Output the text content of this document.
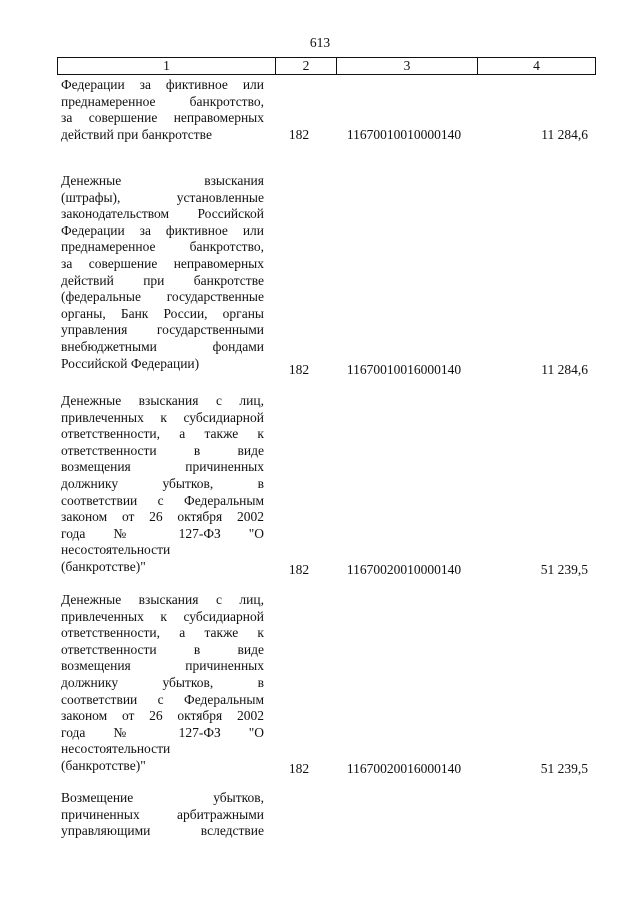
613
1	2	3	4
Федерации за фиктивное или
преднамеренное банкротство,
за совершение неправомерных
действий при банкротстве	182	11670010010000140	11 284,6
Денежные взыскания
(штрафы), установленные
законодательством Российской
Федерации за фиктивное или
преднамеренное банкротство,
за совершение неправомерных
действий при банкротстве
(федеральные государственные
органы, Банк России, органы
управления государственными
внебюджетными фондами
Российской Федерации)	182	11670010016000140	11 284,6
Денежные взыскания с лиц,
привлеченных к субсидиарной
ответственности, а также к
ответственности в виде
возмещения причиненных
должнику убытков, в
соответствии с Федеральным
законом от 26 октября 2002
года № 127-ФЗ "О
несостоятельности
(банкротстве)"	182	11670020010000140	51 239,5
Денежные взыскания с лиц,
привлеченных к субсидиарной
ответственности, а также к
ответственности в виде
возмещения причиненных
должнику убытков, в
соответствии с Федеральным
законом от 26 октября 2002
года № 127-ФЗ "О
несостоятельности
(банкротстве)"	182	11670020016000140	51 239,5
Возмещение убытков,
причиненных арбитражными
управляющими вследствие
